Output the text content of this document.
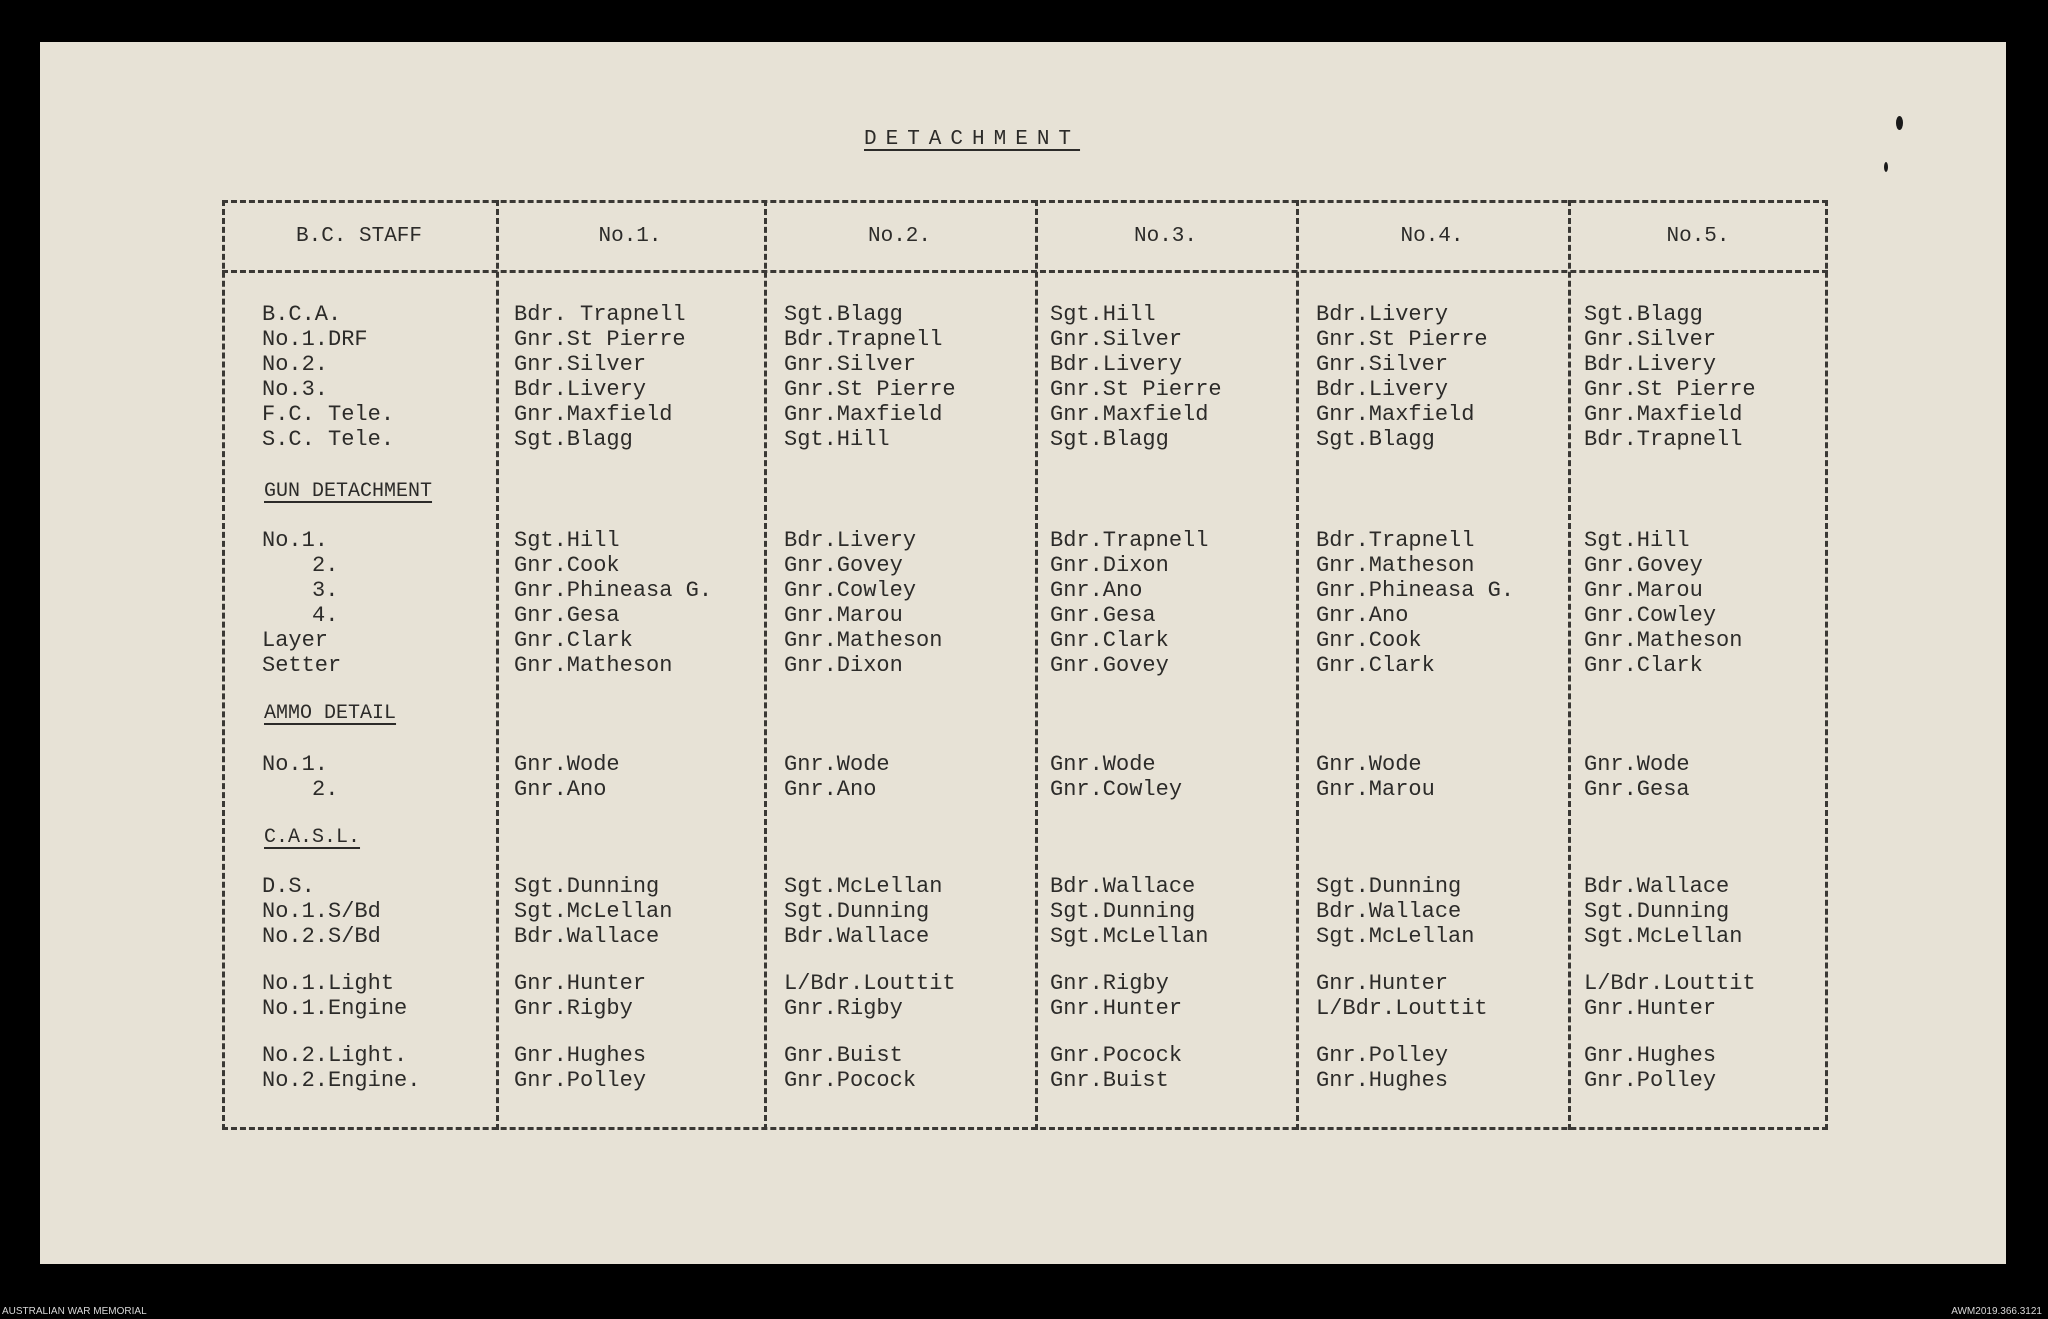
DETACHMENT
B.C. STAFF	No.1.	No.2.	No.3.	No.4.	No.5.
B.C.A.	Bdr. Trapnell	Sgt.Blagg	Sgt.Hill	Bdr.Livery	Sgt.Blagg
No.1.DRF	Gnr.St Pierre	Bdr.Trapnell	Gnr.Silver	Gnr.St Pierre	Gnr.Silver
No.2.	Gnr.Silver	Gnr.Silver	Bdr.Livery	Gnr.Silver	Bdr.Livery
No.3.	Bdr.Livery	Gnr.St Pierre	Gnr.St Pierre	Bdr.Livery	Gnr.St Pierre
F.C. Tele.	Gnr.Maxfield	Gnr.Maxfield	Gnr.Maxfield	Gnr.Maxfield	Gnr.Maxfield
S.C. Tele.	Sgt.Blagg	Sgt.Hill	Sgt.Blagg	Sgt.Blagg	Bdr.Trapnell
GUN DETACHMENT
No.1.	Sgt.Hill	Bdr.Livery	Bdr.Trapnell	Bdr.Trapnell	Sgt.Hill
2.	Gnr.Cook	Gnr.Govey	Gnr.Dixon	Gnr.Matheson	Gnr.Govey
3.	Gnr.Phineasa G.	Gnr.Cowley	Gnr.Ano	Gnr.Phineasa G.	Gnr.Marou
4.	Gnr.Gesa	Gnr.Marou	Gnr.Gesa	Gnr.Ano	Gnr.Cowley
Layer	Gnr.Clark	Gnr.Matheson	Gnr.Clark	Gnr.Cook	Gnr.Matheson
Setter	Gnr.Matheson	Gnr.Dixon	Gnr.Govey	Gnr.Clark	Gnr.Clark
AMMO DETAIL
No.1.	Gnr.Wode	Gnr.Wode	Gnr.Wode	Gnr.Wode	Gnr.Wode
2.	Gnr.Ano	Gnr.Ano	Gnr.Cowley	Gnr.Marou	Gnr.Gesa
C.A.S.L.
D.S.	Sgt.Dunning	Sgt.McLellan	Bdr.Wallace	Sgt.Dunning	Bdr.Wallace
No.1.S/Bd	Sgt.McLellan	Sgt.Dunning	Sgt.Dunning	Bdr.Wallace	Sgt.Dunning
No.2.S/Bd	Bdr.Wallace	Bdr.Wallace	Sgt.McLellan	Sgt.McLellan	Sgt.McLellan
No.1.Light	Gnr.Hunter	L/Bdr.Louttit	Gnr.Rigby	Gnr.Hunter	L/Bdr.Louttit
No.1.Engine	Gnr.Rigby	Gnr.Rigby	Gnr.Hunter	L/Bdr.Louttit	Gnr.Hunter
No.2.Light.	Gnr.Hughes	Gnr.Buist	Gnr.Pocock	Gnr.Polley	Gnr.Hughes
No.2.Engine.	Gnr.Polley	Gnr.Pocock	Gnr.Buist	Gnr.Hughes	Gnr.Polley
AUSTRALIAN WAR MEMORIAL	AWM2019.366.3121
